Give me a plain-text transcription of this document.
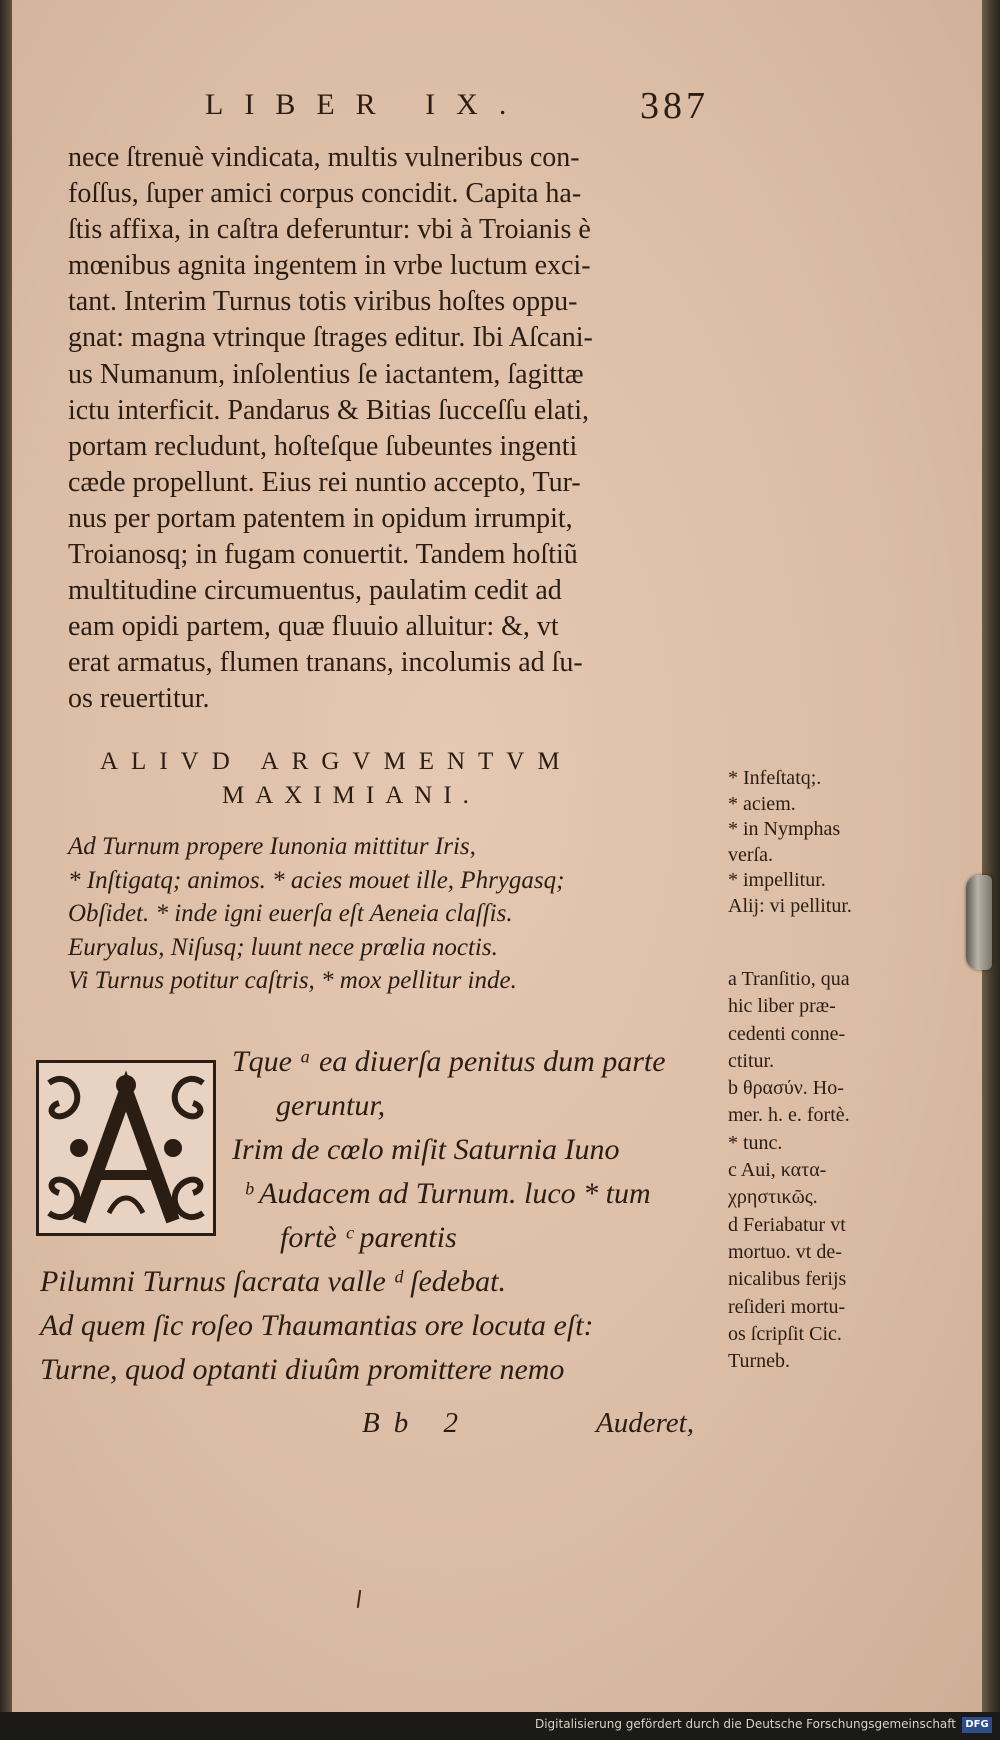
LIBER IX.	387
nece ſtrenuè vindicata, multis vulneribus con-
foſſus, ſuper amici corpus concidit. Capita ha-
ſtis affixa, in caſtra deferuntur: vbi à Troianis è
mœnibus agnita ingentem in vrbe luctum exci-
tant. Interim Turnus totis viribus hoſtes oppu-
gnat: magna vtrinque ſtrages editur. Ibi Aſcani-
us Numanum, inſolentius ſe iactantem, ſagittæ
ictu interficit. Pandarus & Bitias ſucceſſu elati,
portam recludunt, hoſteſque ſubeuntes ingenti
cæde propellunt. Eius rei nuntio accepto, Tur-
nus per portam patentem in opidum irrumpit,
Troianosq; in fugam conuertit. Tandem hoſtiũ
multitudine circumuentus, paulatim cedit ad
eam opidi partem, quæ fluuio alluitur: &, vt
erat armatus, flumen tranans, incolumis ad ſu-
os reuertitur.
ALIVD ARGVMENTVM
MAXIMIANI.
Ad Turnum propere Iunonia mittitur Iris,
* Inſtigatq; animos. * acies mouet ille, Phrygasq;
Obſidet. * inde igni euerſa eſt Aeneia claſſis.
Euryalus, Niſusq; luunt nece prœlia noctis.
Vi Turnus potitur caſtris, * mox pellitur inde.
Tque ᵃ ea diuerſa penitus dum parte
geruntur,
Irim de cœlo miſit Saturnia Iuno
ᵇ Audacem ad Turnum. luco * tum
fortè ᶜ parentis
Pilumni Turnus ſacrata valle ᵈ ſedebat.
Ad quem ſic roſeo Thaumantias ore locuta eſt:
Turne, quod optanti diuûm promittere nemo
Bb 2	Auderet,
* Infeſtatq;.
* aciem.
* in Nymphas
verſa.
* impellitur.
Alij: vi pellitur.
a Tranſitio, qua
hic liber præ-
cedenti conne-
ctitur.
b θρασύν. Ho-
mer. h. e. fortè.
* tunc.
c Aui, κατα-
χρηστικῶς.
d Feriabatur vt
mortuo. vt de-
nicalibus ferijs
reſideri mortu-
os ſcripſit Cic.
Turneb.
Digitalisierung gefördert durch die Deutsche Forschungsgemeinschaft DFG
